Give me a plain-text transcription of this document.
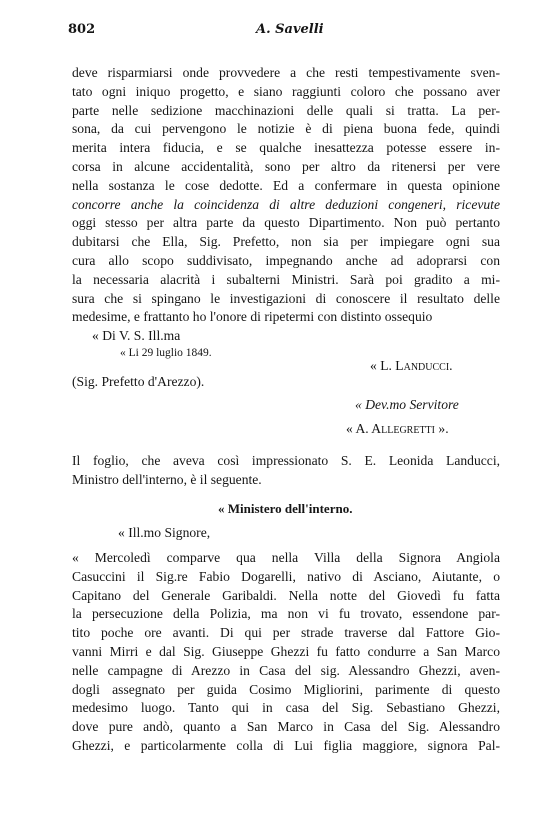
802	A. Savelli
deve risparmiarsi onde provvedere a che resti tempestivamente sven-
tato ogni iniquo progetto, e siano raggiunti coloro che possano aver
parte nelle sedizione macchinazioni delle quali si tratta. La per-
sona, da cui pervengono le notizie è di piena buona fede, quindi
merita intera fiducia, e se qualche inesattezza potesse essere in-
corsa in alcune accidentalità, sono per altro da ritenersi per vere
nella sostanza le cose dedotte. Ed a confermare in questa opinione
concorre anche la coincidenza di altre deduzioni congeneri, ricevute
oggi stesso per altra parte da questo Dipartimento. Non può pertanto
dubitarsi che Ella, Sig. Prefetto, non sia per impiegare ogni sua
cura allo scopo suddivisato, impegnando anche ad adoprarsi con
la necessaria alacrità i subalterni Ministri. Sarà poi gradito a mi-
sura che si spingano le investigazioni di conoscere il resultato delle
medesime, e frattanto ho l'onore di ripetermi con distinto ossequio
« Di V. S. Ill.ma
« Li 29 luglio 1849.
« L. Landucci.
(Sig. Prefetto d'Arezzo).
« Dev.mo Servitore
« A. Allegretti ».
Il foglio, che aveva così impressionato S. E. Leonida Landucci,
Ministro dell'interno, è il seguente.
« Ministero dell'interno.
« Ill.mo Signore,
« Mercoledì comparve qua nella Villa della Signora Angiola
Casuccini il Sig.re Fabio Dogarelli, nativo di Asciano, Aiutante, o
Capitano del Generale Garibaldi. Nella notte del Giovedì fu fatta
la persecuzione della Polizia, ma non vi fu trovato, essendone par-
tito poche ore avanti. Di qui per strade traverse dal Fattore Gio-
vanni Mirri e dal Sig. Giuseppe Ghezzi fu fatto condurre a San Marco
nelle campagne di Arezzo in Casa del sig. Alessandro Ghezzi, aven-
dogli assegnato per guida Cosimo Migliorini, parimente di questo
medesimo luogo. Tanto qui in casa del Sig. Sebastiano Ghezzi,
dove pure andò, quanto a San Marco in Casa del Sig. Alessandro
Ghezzi, e particolarmente colla di Lui figlia maggiore, signora Pal-
